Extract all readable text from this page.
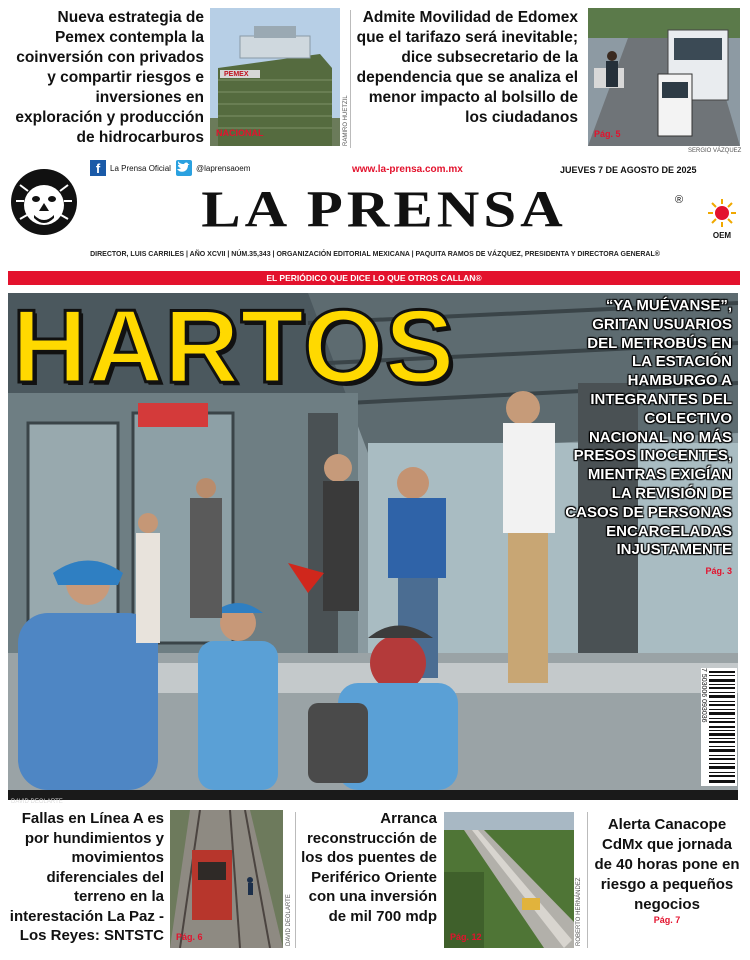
Nueva estrategia de Pemex contempla la coinversión con privados y compartir riesgos e inversiones en exploración y producción de hidrocarburos
PEMEX
NACIONAL	RAMIRO HUETZIL
Admite Movilidad de Edomex que el tarifazo será inevitable; dice subsecretario de la dependencia que se analiza el menor impacto al bolsillo de los ciudadanos
Pág. 5
SERGIO VÁZQUEZ
f	La Prensa Oficial	@laprensaoem	www.la-prensa.com.mx	JUEVES 7 DE AGOSTO DE 2025
LA PRENSA	®
OEM
DIRECTOR, LUIS CARRILES | AÑO XCVII | NÚM.35,343 | ORGANIZACIÓN EDITORIAL MEXICANA | PAQUITA RAMOS DE VÁZQUEZ, PRESIDENTA Y DIRECTORA GENERAL®
EL PERIÓDICO QUE DICE LO QUE OTROS CALLAN®
HARTOS	“YA MUÉVANSE”,
GRITAN USUARIOS
DEL METROBÚS EN
LA ESTACIÓN
HAMBURGO A
INTEGRANTES DEL
COLECTIVO
NACIONAL NO MÁS
PRESOS INOCENTES,
MIENTRAS EXIGÍAN
LA REVISIÓN DE
CASOS DE PERSONAS
ENCARCELADAS
INJUSTAMENTE
Pág. 3
7 503006 093036
DAVID DEOLARTE
Fallas en Línea A es por hundimientos y movimientos diferenciales del terreno en la interestación La Paz -Los Reyes: SNTSTC Pág. 6	DAVID DEOLARTE
Arranca reconstrucción de los dos puentes de Periférico Oriente con una inversión de mil 700 mdp
Pág. 12	ROBERTO HERNÁNDEZ
Alerta Canacope CdMx que jornada de 40 horas pone en riesgo a pequeños negocios
Pág. 7
